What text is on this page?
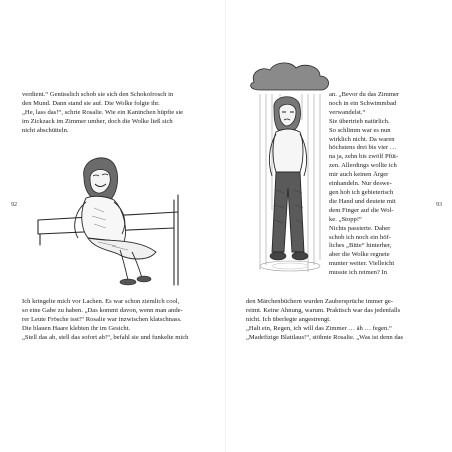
verdient.“ Genüsslich schob sie sich den Schokofrosch in

den Mund. Dann stand sie auf. Die Wolke folgte ihr.

„He, lass das!“, schrie Rosalie. Wie ein Kaninchen hüpfte sie

im Zickzack im Zimmer umher, doch die Wolke ließ sich

nicht abschütteln.

92

Ich kringelte mich vor Lachen. Es war schon ziemlich cool,

so eine Gabe zu haben. „Das kommt davon, wenn man ande-

rer Leute Frösche isst!“ Rosalie war inzwischen klatschnass.

Die blauen Haare klebten ihr im Gesicht.

„Stell das ab, stell das sofort ab!“, befahl sie und funkelte mich

an. „Bevor du das Zimmer

noch in ein Schwimmbad

verwandelst.“

Sie übertrieb natürlich.

So schlimm war es nun

wirklich nicht. Da waren

höchstens drei bis vier …

na ja, zehn bis zwölf Pfüt-

zen. Allerdings wollte ich

mir auch keinen Ärger

einhandeln. Nur deswe-

gen hob ich gebieterisch

die Hand und deutete mit

dem Finger auf die Wol-

ke. „Stopp!“

Nichts passierte. Daher

schob ich noch ein höf-

liches „Bitte“ hinterher,

aber die Wolke regnete

munter weiter. Vielleicht

musste ich reimen? In

93

den Märchenbüchern wurden Zaubersprüche immer ge-

reimt. Keine Ahnung, warum. Praktisch war das jedenfalls

nicht. Ich überlegte angestrengt.

„Halt ein, Regen, ich will das Zimmer … äh … fegen.“

„Madefizige Blattlaus!“, stöhnte Rosalie. „Was ist denn das
